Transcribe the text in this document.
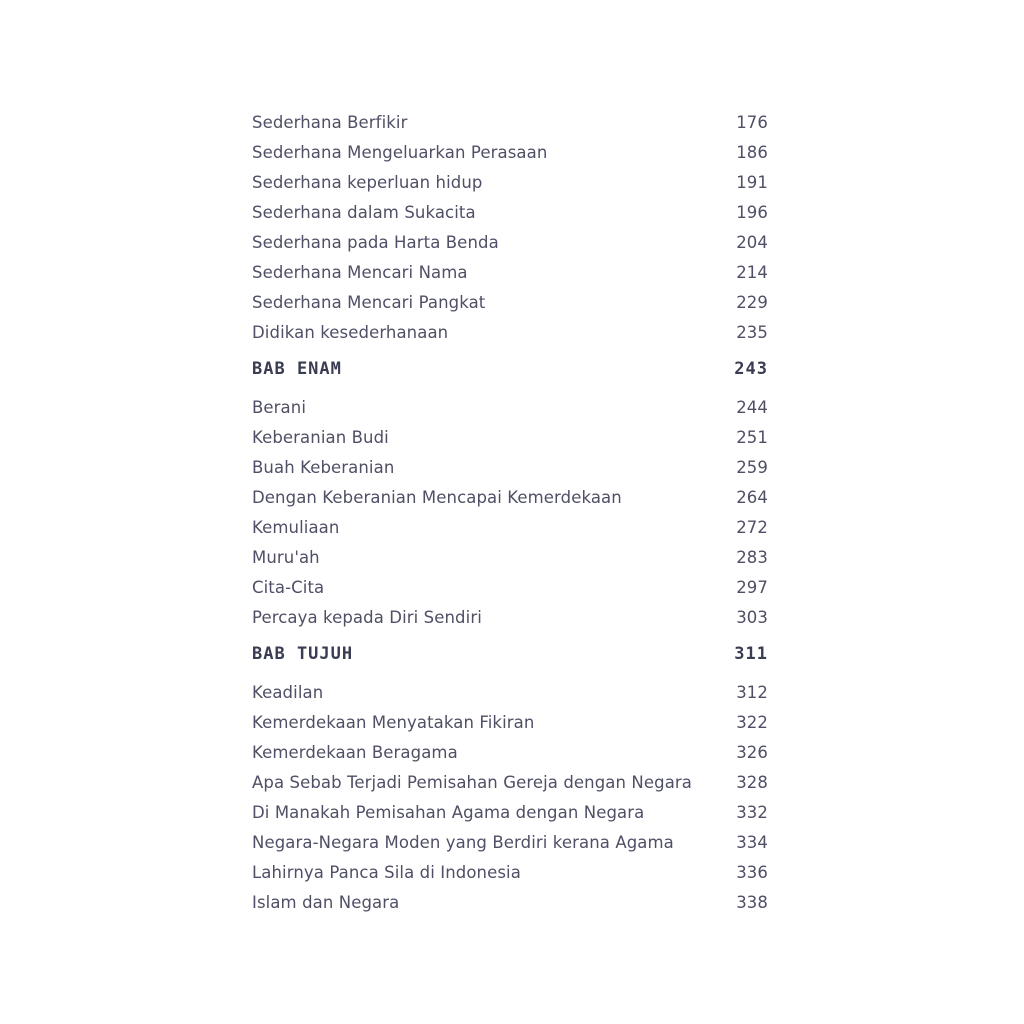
Sederhana Berfikir	176
Sederhana Mengeluarkan Perasaan	186
Sederhana keperluan hidup	191
Sederhana dalam Sukacita	196
Sederhana pada Harta Benda	204
Sederhana Mencari Nama	214
Sederhana Mencari Pangkat	229
Didikan kesederhanaan	235
BAB ENAM	243
Berani	244
Keberanian Budi	251
Buah Keberanian	259
Dengan Keberanian Mencapai Kemerdekaan	264
Kemuliaan	272
Muru'ah	283
Cita-Cita	297
Percaya kepada Diri Sendiri	303
BAB TUJUH	311
Keadilan	312
Kemerdekaan Menyatakan Fikiran	322
Kemerdekaan Beragama	326
Apa Sebab Terjadi Pemisahan Gereja dengan Negara	328
Di Manakah Pemisahan Agama dengan Negara	332
Negara-Negara Moden yang Berdiri kerana Agama	334
Lahirnya Panca Sila di Indonesia	336
Islam dan Negara	338
